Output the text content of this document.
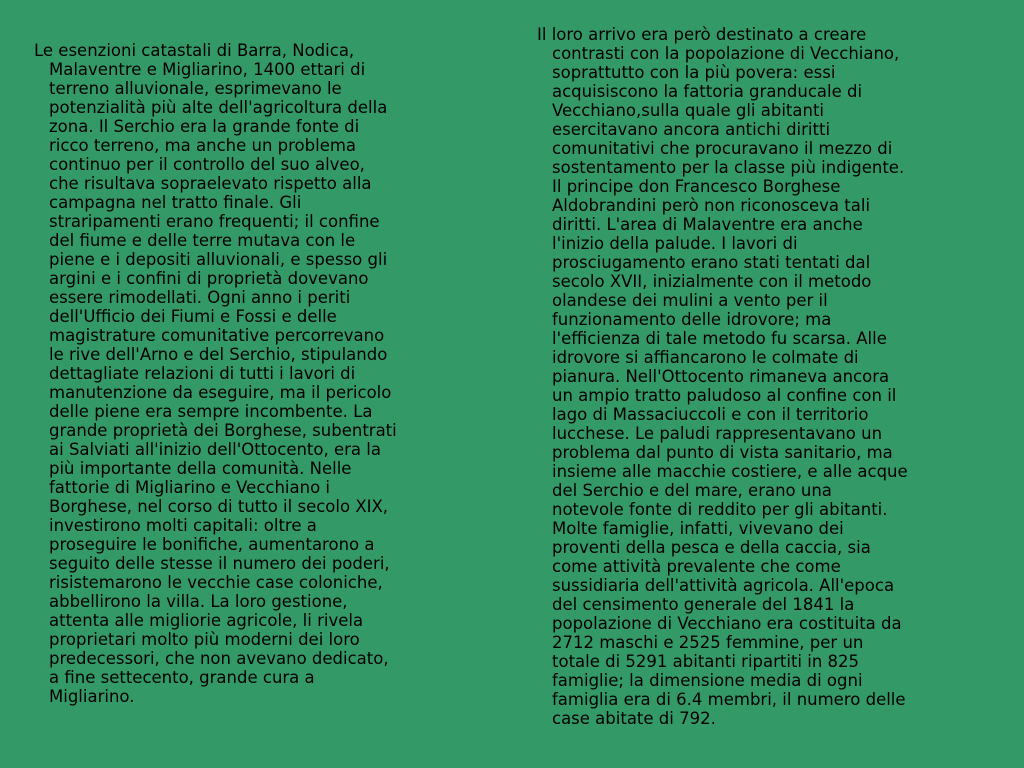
Le esenzioni catastali di Barra, Nodica,
Malaventre e Migliarino, 1400 ettari di
terreno alluvionale, esprimevano le
potenzialità più alte dell'agricoltura della
zona. Il Serchio era la grande fonte di
ricco terreno, ma anche un problema
continuo per il controllo del suo alveo,
che risultava sopraelevato rispetto alla
campagna nel tratto finale. Gli
straripamenti erano frequenti; il confine
del fiume e delle terre mutava con le
piene e i depositi alluvionali, e spesso gli
argini e i confini di proprietà dovevano
essere rimodellati. Ogni anno i periti
dell'Ufficio dei Fiumi e Fossi e delle
magistrature comunitative percorrevano
le rive dell'Arno e del Serchio, stipulando
dettagliate relazioni di tutti i lavori di
manutenzione da eseguire, ma il pericolo
delle piene era sempre incombente. La
grande proprietà dei Borghese, subentrati
ai Salviati all'inizio dell'Ottocento, era la
più importante della comunità. Nelle
fattorie di Migliarino e Vecchiano i
Borghese, nel corso di tutto il secolo XIX,
investirono molti capitali: oltre a
proseguire le bonifiche, aumentarono a
seguito delle stesse il numero dei poderi,
risistemarono le vecchie case coloniche,
abbellirono la villa. La loro gestione,
attenta alle migliorie agricole, li rivela
proprietari molto più moderni dei loro
predecessori, che non avevano dedicato,
a fine settecento, grande cura a
Migliarino.

Il loro arrivo era però destinato a creare
contrasti con la popolazione di Vecchiano,
soprattutto con la più povera: essi
acquisiscono la fattoria granducale di
Vecchiano,sulla quale gli abitanti
esercitavano ancora antichi diritti
comunitativi che procuravano il mezzo di
sostentamento per la classe più indigente.
Il principe don Francesco Borghese
Aldobrandini però non riconosceva tali
diritti. L'area di Malaventre era anche
l'inizio della palude. I lavori di
prosciugamento erano stati tentati dal
secolo XVII, inizialmente con il metodo
olandese dei mulini a vento per il
funzionamento delle idrovore; ma
l'efficienza di tale metodo fu scarsa. Alle
idrovore si affiancarono le colmate di
pianura. Nell'Ottocento rimaneva ancora
un ampio tratto paludoso al confine con il
lago di Massaciuccoli e con il territorio
lucchese. Le paludi rappresentavano un
problema dal punto di vista sanitario, ma
insieme alle macchie costiere, e alle acque
del Serchio e del mare, erano una
notevole fonte di reddito per gli abitanti.
Molte famiglie, infatti, vivevano dei
proventi della pesca e della caccia, sia
come attività prevalente che come
sussidiaria dell'attività agricola. All'epoca
del censimento generale del 1841 la
popolazione di Vecchiano era costituita da
2712 maschi e 2525 femmine, per un
totale di 5291 abitanti ripartiti in 825
famiglie; la dimensione media di ogni
famiglia era di 6.4 membri, il numero delle
case abitate di 792.
